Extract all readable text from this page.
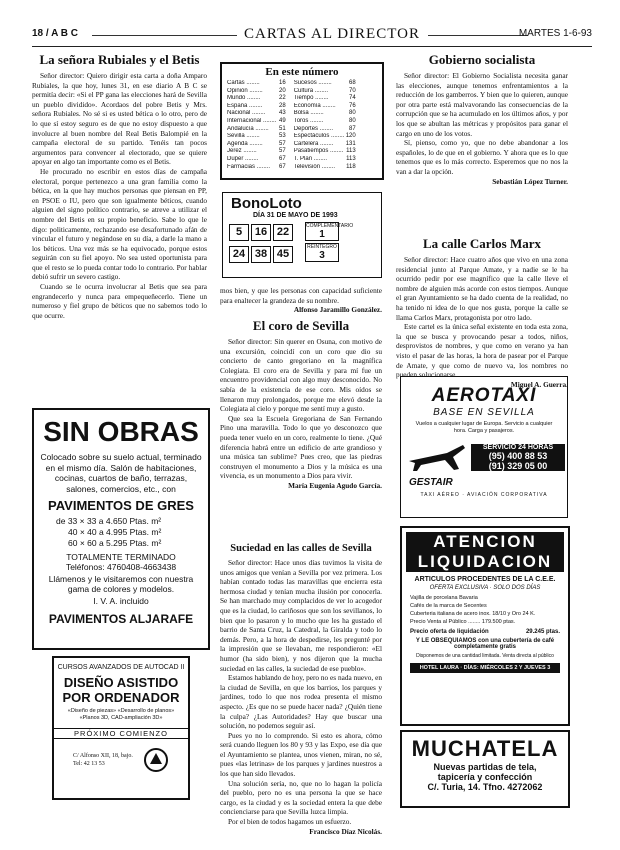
18 / A B C	CARTAS AL DIRECTOR	MARTES 1-6-93
La señora Rubiales y el Betis

Señor director: Quiero dirigir esta carta a doña Amparo Rubiales, la que hoy, lunes 31, en ese diario A B C se permitía decir: «Si el PP gana las elecciones hará de Sevilla un pueblo dividido». Acordaos del pobre Betis y Mrs. señora Rubiales. No sé si es usted bética o lo otro, pero de lo que sí estoy seguro es de que no estoy dispuesto a que involucre al buen nombre del Real Betis Balompié en la campaña electoral de su partido. Tenéis tan pocos argumentos para convencer al electorado, que se quiere apoyar en algo tan importante como es el Betis.

He procurado no escribir en estos días de campaña electoral, porque pertenezco a una gran familia como la bética, en la que hay muchos personas que piensan en PP, en PSOE o IU, pero que son igualmente béticos, cuando alguien del signo político contrario, se atreve a utilizar el nombre del Betis en su propio beneficio. Sabe lo que le digo: politicamente, rechazando ese desafortunado afán de vincular el futuro y negándose en su día, a darle la mano a los béticos. Una vez más se ha equivocado, porque estos seguirán con su fiel apoyo. No sea usted oportunista para que el resto se lo pueda contar todo lo contrario. Por hablar debió sufrir un severo castigo.

Cuando se le ocurra involucrar al Betis que sea para engrandecerlo y nunca para empequeñecerlo. Tiene un numeroso y fiel grupo de béticos que no sabemos todo lo que ocurre.

SIN OBRAS
Colocado sobre su suelo actual, terminado en el mismo día. Salón de habitaciones, cocinas, cuartos de baño, terrazas, salones, comercios, etc., con
PAVIMENTOS DE GRES
de 33 × 33 a 4.650 Ptas. m²
40 × 40 a 4.995 Ptas. m²
60 × 60 a 5.295 Ptas. m²
TOTALMENTE TERMINADO
Teléfonos: 4760408-4663438
Llámenos y le visitaremos con nuestra gama de colores y modelos.
I. V. A. incluido
PAVIMENTOS ALJARAFE
CURSOS AVANZADOS DE AUTOCAD II
DISEÑO ASISTIDO
POR ORDENADOR
«Diseño de piezas» «Desarrollo de planos» «Planos 3D, CAD-ampliación 3D»
PRÓXIMO COMIENZO
C/ Alfonso XII, 18, bajo. Tel: 42 13 53
En este número
Cartas ........	16
Opinión ........	20
Mundo ........	22
España ........	28
Nacional ........	43
Internacional ........	49
Andalucía ........	51
Sevilla ........	53
Agenda ........	57
Jerez ........	57
Duper ........	67
Farmacias ........	67
Sucesos ........	68
Cultura ........	70
Tiempo ........	74
Economía ........	76
Bolsa ........	80
Toros ........	80
Deportes ........	87
Espectáculos ........	120
Cartelera ........	131
Pasatiempos ........	113
T. Plan ........	113
Televisión ........	118
BonoLoto
DÍA 31 DE MAYO DE 1993
5 16 22
24 38 45
COMPLEMENTARIO
1
REINTEGRO
3
mos bien, y que les personas con capacidad suficiente para enaltecer la grandeza de su nombre.
Alfonso Jaramillo González.
El coro de Sevilla

Señor director: Sin querer en Osuna, con motivo de una excursión, coincidí con un coro que dio su concierto de canto gregoriano en la magnífica Colegiata. El coro era de Sevilla y para mí fue un encuentro providencial con algo muy desconocido. No sabía de la existencia de ese coro. Mis oídos se llenaron muy prolongados, porque me elevó desde la Colegiata al cielo y porque me sentí muy a gusto.

Que sea la Escuela Gregoriana de San Fernando Pino una maravilla. Todo lo que yo desconozco que pueda tener vuelo en un coro, realmente lo tiene. ¿Qué diferencia habrá entre un edificio de arte grandioso y una música tan sublime? Pues creo, que las piedras construyen el monumento a Dios y la música es una vivencia, es un monumento a Dios para vivir.

María Eugenia Agudo García.
Suciedad en las calles de Sevilla

Señor director: Hace unos días tuvimos la visita de unos amigos que venían a Sevilla por vez primera. Los habían contado todas las maravillas que encierra esta hermosa ciudad y tenían mucha ilusión por conocerla. Se han marchado muy complacidos de ver lo acogedor que es la ciudad, lo cariñosos que son los sevillanos, lo bien que lo pasaron y lo mucho que les ha gustado el barrio de Santa Cruz, la Catedral, la Giralda y todo lo demás. Pero, a la hora de despedirse, les pregunté por la impresión que se llevaban, me respondieron: «El humor (ha sido bien), y nos dijeron que la mucha suciedad en las calles, la suciedad de ese pueblo».

Estamos hablando de hoy, pero no es nada nuevo, en la ciudad de Sevilla, en que los barrios, los parques y jardines, todo lo que nos rodea presenta el mismo aspecto. ¿Es que no se puede hacer nada? ¿Quién tiene la culpa? ¿Las Autoridades? Hay que buscar una solución, no podemos seguir así.

Pues yo no lo comprendo. Si esto es ahora, cómo será cuando lleguen los 80 y 93 y las Expo, ese día que el Ayuntamiento se plantea, unos vienen, miran, no sé, pues «las letrinas» de los parques y jardines nuestros a los que han sido llevados.

Una solución sería, no, que no lo hagan la policía del pueblo, pero no es una persona la que se hace cargo, es la ciudad y es la sociedad entera la que debe concienciarse para que Sevilla luzca limpia.

Por el bien de todos hagamos un esfuerzo.

Francisco Díaz Nicolás.
Gobierno socialista

Señor director: El Gobierno Socialista necesita ganar las elecciones, aunque tenemos enfrentamientos a la reducción de los gamberros. Y bien que lo quieren, aunque por otra parte está malvavorando las consecuencias de la corrupción que se ha acumulado en los últimos años, y por los que se abultan las métricas y propósitos para ganar el cargo en uno de los votos.

Sí, pienso, como yo, que no debe abandonar a los españoles, lo de que en el gobierno. Y ahora que es lo que tenemos que es lo más correcto. Esperemos que no nos la van a dar la opción.

Sebastián López Turner.
La calle Carlos Marx

Señor director: Hace cuatro años que vivo en una zona residencial junto al Parque Amate, y a nadie se le ha ocurrido pedir por ese magnífico que la calle lleve el nombre de alguien más acorde con estos tiempos. Aunque el gran Ayuntamiento se ha dado cuenta de la realidad, no ha tenido ni idea de lo que nos gusta, porque la calle se llama Carlos Marx, protagonista por otro lado.

Este cartel es la única señal existente en toda esta zona, la que se busca y provocando pesar a todos, niños, desprovistos de nombres, y que como en verano ya han visto el pasar de las horas, la hora de pasear por el Parque de Amate, y que como de nuevo va, los nombres no pueden solucionarse.

Miguel A. Guerra.
AEROTAXI
BASE EN SEVILLA
Vuelos a cualquier lugar de Europa. Servicio a cualquier hora. Carga y pasajeros.
SERVICIO 24 HORAS
(95) 400 88 53
(91) 329 05 00
GESTAIR
TAXI AÉREO · AVIACIÓN CORPORATIVA
ATENCION
LIQUIDACION
ARTICULOS PROCEDENTES DE LA C.E.E.
OFERTA EXCLUSIVA · SOLO DOS DÍAS
Vajilla de porcelana Bavaria
Cafés de la marca de Secentes
Cuberteria italiana de acero inox. 18/10 y Oro 24 K.
Precio Venta al Público ........ 179.500 ptas.
Precio oferta de liquidación	29.245 ptas.
Y LE OBSEQUIAMOS con una cubertería de café completamente gratis
Disponemos de una cantidad limitada. Venta directa al público
HOTEL LAURA · DÍAS: MIÉRCOLES 2 Y JUEVES 3
MUCHATELA
Nuevas partidas de tela,
tapicería y confección
C/. Turia, 14. Tfno. 4272062
